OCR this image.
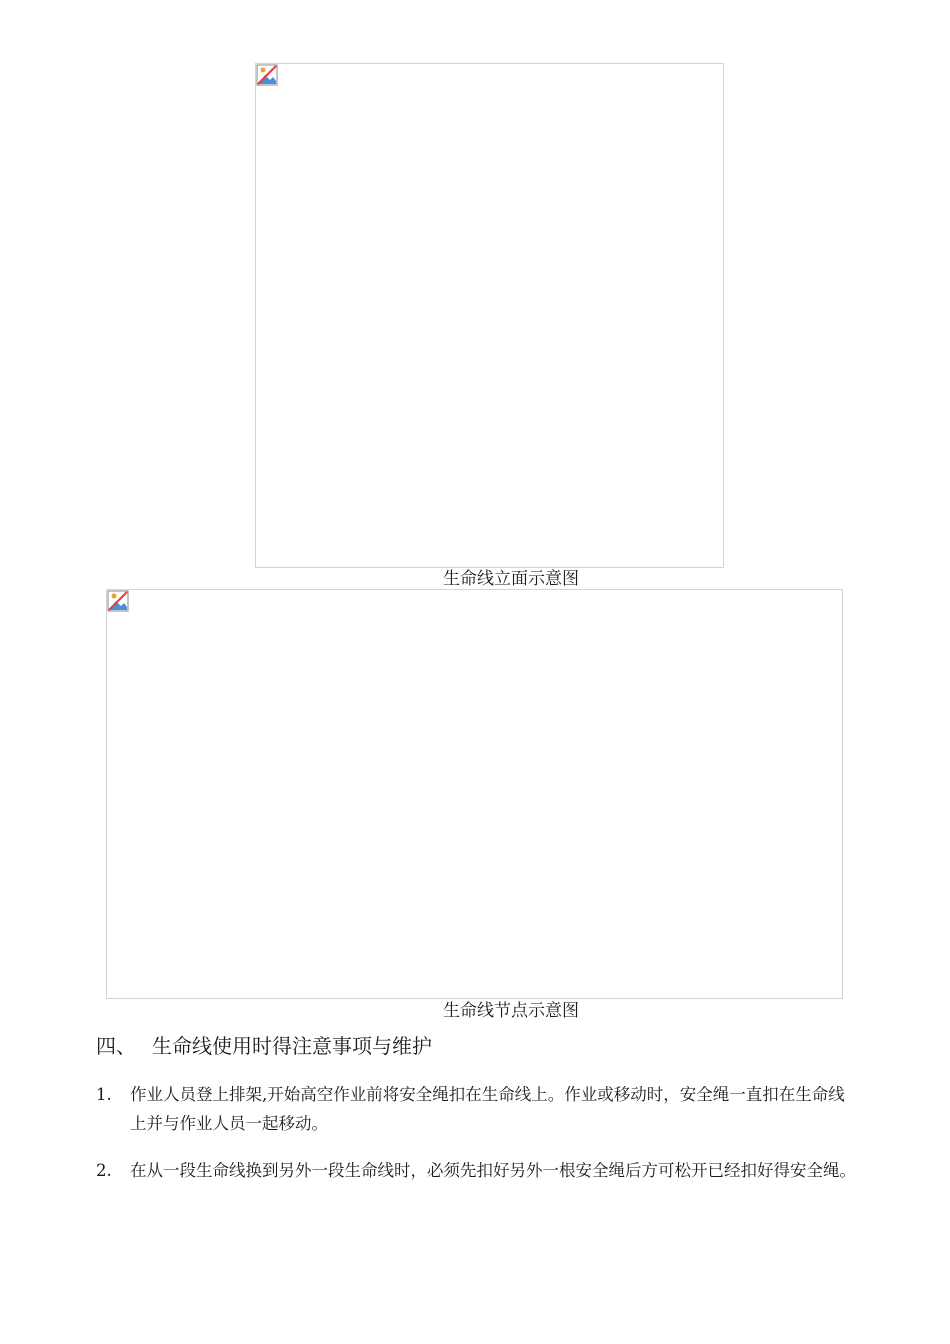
生命线立面示意图
生命线节点示意图
四、 生命线使用时得注意事项与维护
1. 作业人员登上排架,开始高空作业前将安全绳扣在生命线上。作业或移动时，安全绳一直扣在生命线上并与作业人员一起移动。
2. 在从一段生命线换到另外一段生命线时，必须先扣好另外一根安全绳后方可松开已经扣好得安全绳。
